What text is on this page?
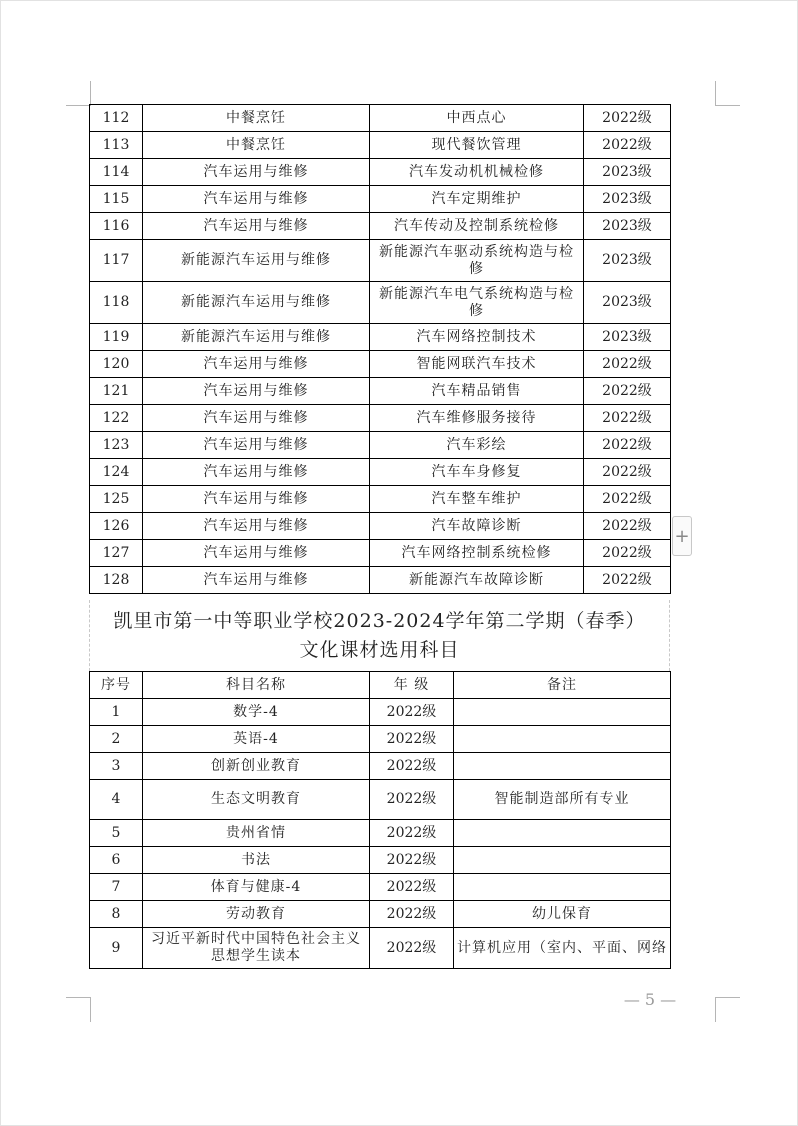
112	中餐烹饪	中西点心	2022级
113	中餐烹饪	现代餐饮管理	2022级
114	汽车运用与维修	汽车发动机机械检修	2023级
115	汽车运用与维修	汽车定期维护	2023级
116	汽车运用与维修	汽车传动及控制系统检修	2023级
117	新能源汽车运用与维修	新能源汽车驱动系统构造与检修	2023级
118	新能源汽车运用与维修	新能源汽车电气系统构造与检修	2023级
119	新能源汽车运用与维修	汽车网络控制技术	2023级
120	汽车运用与维修	智能网联汽车技术	2022级
121	汽车运用与维修	汽车精品销售	2022级
122	汽车运用与维修	汽车维修服务接待	2022级
123	汽车运用与维修	汽车彩绘	2022级
124	汽车运用与维修	汽车车身修复	2022级
125	汽车运用与维修	汽车整车维护	2022级
126	汽车运用与维修	汽车故障诊断	2022级
127	汽车运用与维修	汽车网络控制系统检修	2022级
128	汽车运用与维修	新能源汽车故障诊断	2022级
+
凯里市第一中等职业学校2023-2024学年第二学期（春季）
文化课材选用科目
序号	科目名称	年 级	备注
1	数学-4	2022级	
2	英语-4	2022级	
3	创新创业教育	2022级	
4	生态文明教育	2022级	智能制造部所有专业
5	贵州省情	2022级	
6	书法	2022级	
7	体育与健康-4	2022级	
8	劳动教育	2022级	幼儿保育
9	习近平新时代中国特色社会主义思想学生读本	2022级	计算机应用（室内、平面、网络
— 5 —
